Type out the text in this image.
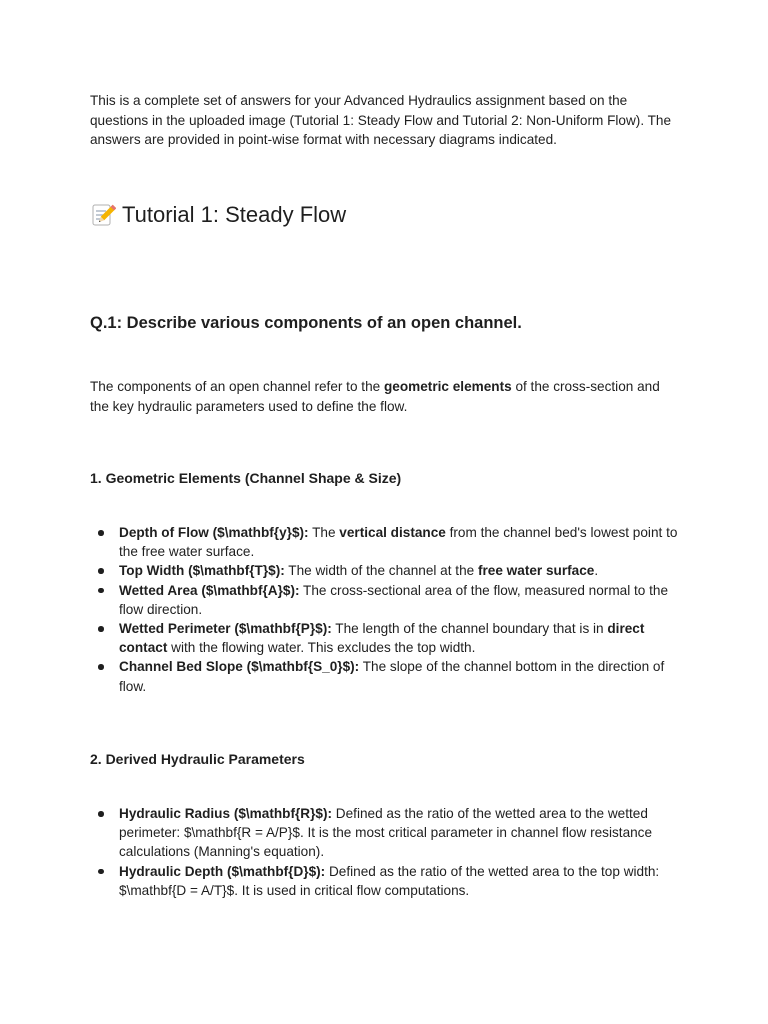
This is a complete set of answers for your Advanced Hydraulics assignment based on the questions in the uploaded image (Tutorial 1: Steady Flow and Tutorial 2: Non-Uniform Flow). The answers are provided in point-wise format with necessary diagrams indicated.

Tutorial 1: Steady Flow
Q.1: Describe various components of an open channel.

The components of an open channel refer to the geometric elements of the cross-section and the key hydraulic parameters used to define the flow.

1. Geometric Elements (Channel Shape & Size)
Depth of Flow ($\mathbf{y}$): The vertical distance from the channel bed's lowest point to the free water surface.
Top Width ($\mathbf{T}$): The width of the channel at the free water surface.
Wetted Area ($\mathbf{A}$): The cross-sectional area of the flow, measured normal to the flow direction.
Wetted Perimeter ($\mathbf{P}$): The length of the channel boundary that is in direct contact with the flowing water. This excludes the top width.
Channel Bed Slope ($\mathbf{S_0}$): The slope of the channel bottom in the direction of flow.
2. Derived Hydraulic Parameters
Hydraulic Radius ($\mathbf{R}$): Defined as the ratio of the wetted area to the wetted perimeter: $\mathbf{R = A/P}$. It is the most critical parameter in channel flow resistance calculations (Manning's equation).
Hydraulic Depth ($\mathbf{D}$): Defined as the ratio of the wetted area to the top width: $\mathbf{D = A/T}$. It is used in critical flow computations.
